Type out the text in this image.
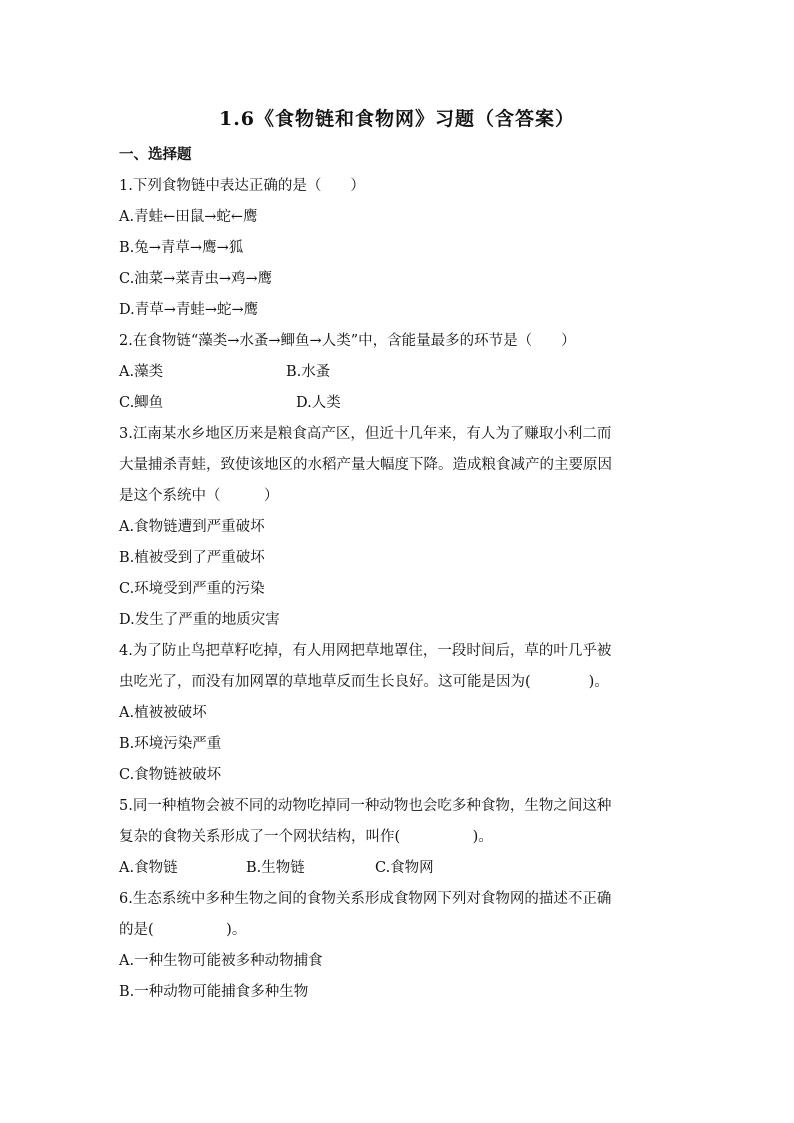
1.6《食物链和食物网》习题（含答案）
一、选择题
1.下列食物链中表达正确的是（　　）
A.青蛙←田鼠→蛇←鹰
B.兔→青草→鹰→狐
C.油菜→菜青虫→鸡→鹰
D.青草→青蛙→蛇→鹰
2.在食物链“藻类→水蚤→鲫鱼→人类”中，含能量最多的环节是（　　）
A.藻类	B.水蚤
C.鲫鱼	D.人类
3.江南某水乡地区历来是粮食高产区，但近十几年来，有人为了赚取小利二而
大量捕杀青蛙，致使该地区的水稻产量大幅度下降。造成粮食减产的主要原因
是这个系统中（　　　）
A.食物链遭到严重破坏
B.植被受到了严重破坏
C.环境受到严重的污染
D.发生了严重的地质灾害
4.为了防止鸟把草籽吃掉，有人用网把草地罩住，一段时间后，草的叶几乎被
虫吃光了，而没有加网罩的草地草反而生长良好。这可能是因为(　　　　)。
A.植被被破坏
B.环境污染严重
C.食物链被破坏
5.同一种植物会被不同的动物吃掉同一种动物也会吃多种食物，生物之间这种
复杂的食物关系形成了一个网状结构，叫作(　　　　　)。
A.食物链	B.生物链	C.食物网
6.生态系统中多种生物之间的食物关系形成食物网下列对食物网的描述不正确
的是(　　　　　)。
A.一种生物可能被多种动物捕食
B.一种动物可能捕食多种生物
